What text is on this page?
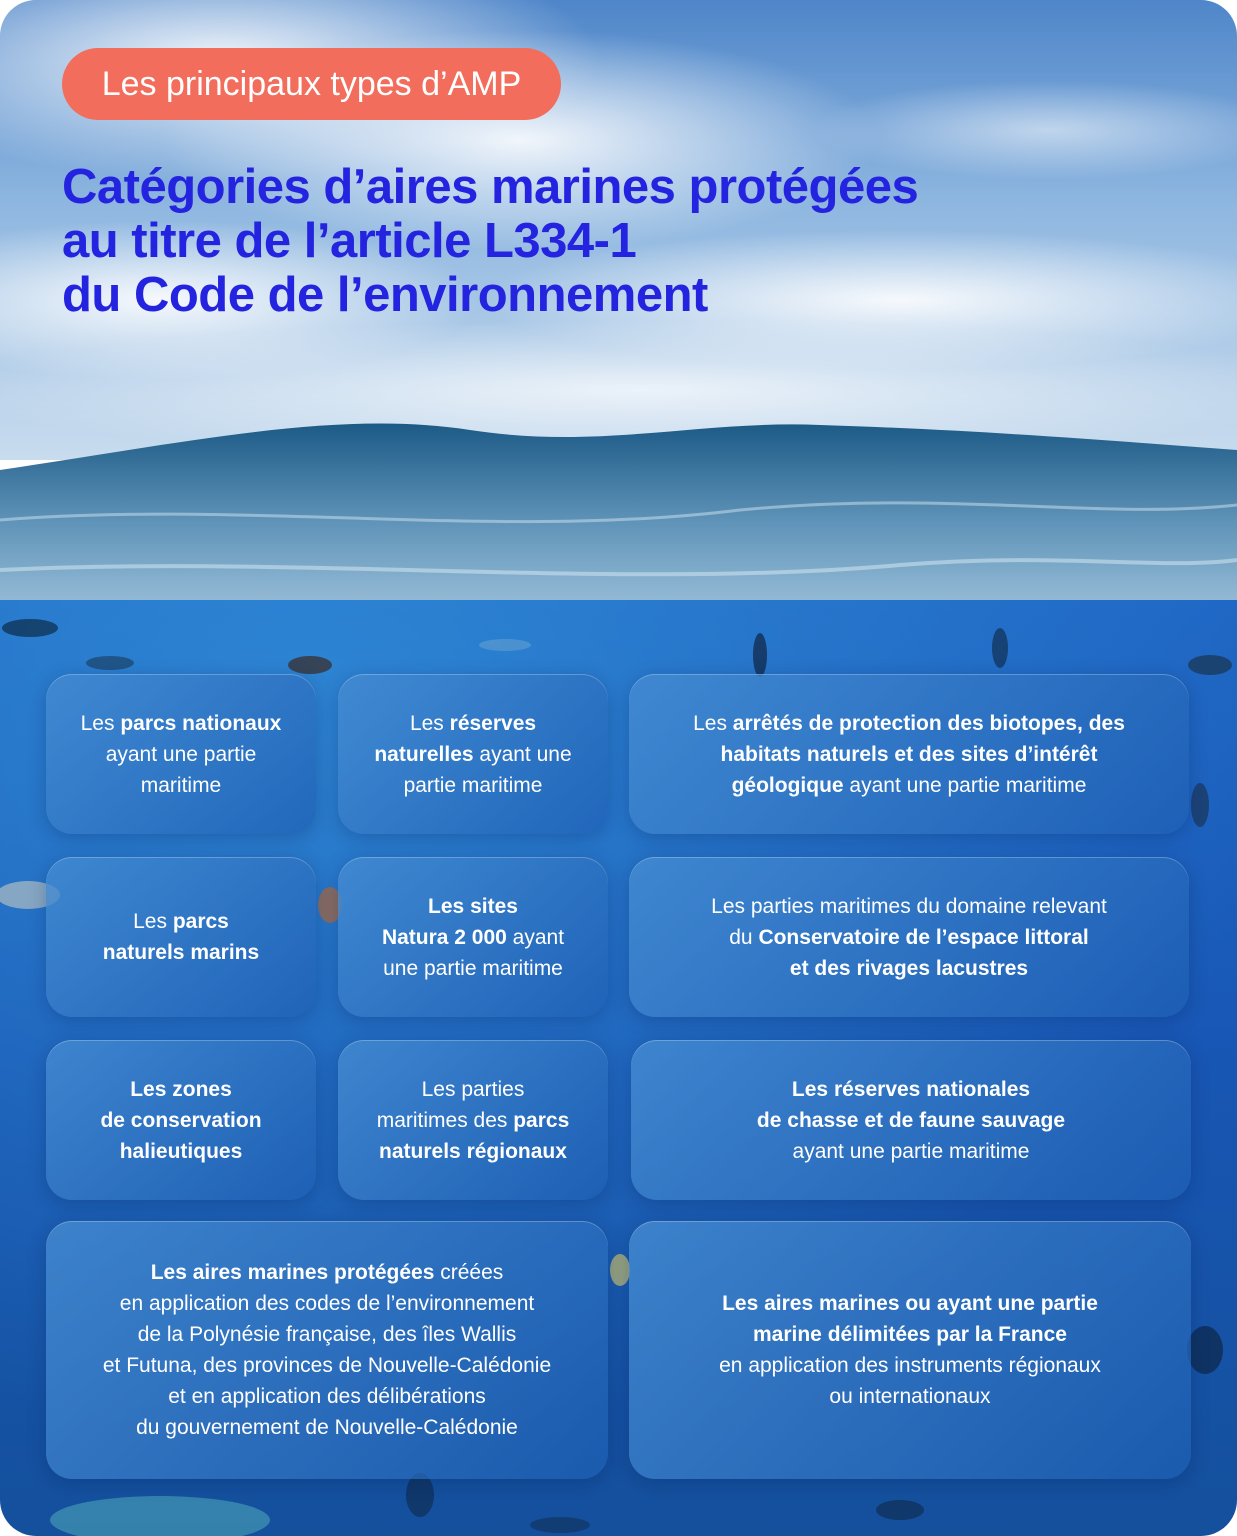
Les principaux types d’AMP
Catégories d’aires marines protégées
au titre de l’article L334-1
du Code de l’environnement
Les parcs nationaux
ayant une partie
maritime
Les réserves
naturelles ayant une
partie maritime
Les arrêtés de protection des biotopes, des
habitats naturels et des sites d’intérêt
géologique ayant une partie maritime
Les parcs
naturels marins
Les sites
Natura 2 000 ayant
une partie maritime
Les parties maritimes du domaine relevant
du Conservatoire de l’espace littoral
et des rivages lacustres
Les zones
de conservation
halieutiques
Les parties
maritimes des parcs
naturels régionaux
Les réserves nationales
de chasse et de faune sauvage
ayant une partie maritime
Les aires marines protégées créées
en application des codes de l’environnement
de la Polynésie française, des îles Wallis
et Futuna, des provinces de Nouvelle-Calédonie
et en application des délibérations
du gouvernement de Nouvelle-Calédonie
Les aires marines ou ayant une partie
marine délimitées par la France
en application des instruments régionaux
ou internationaux
